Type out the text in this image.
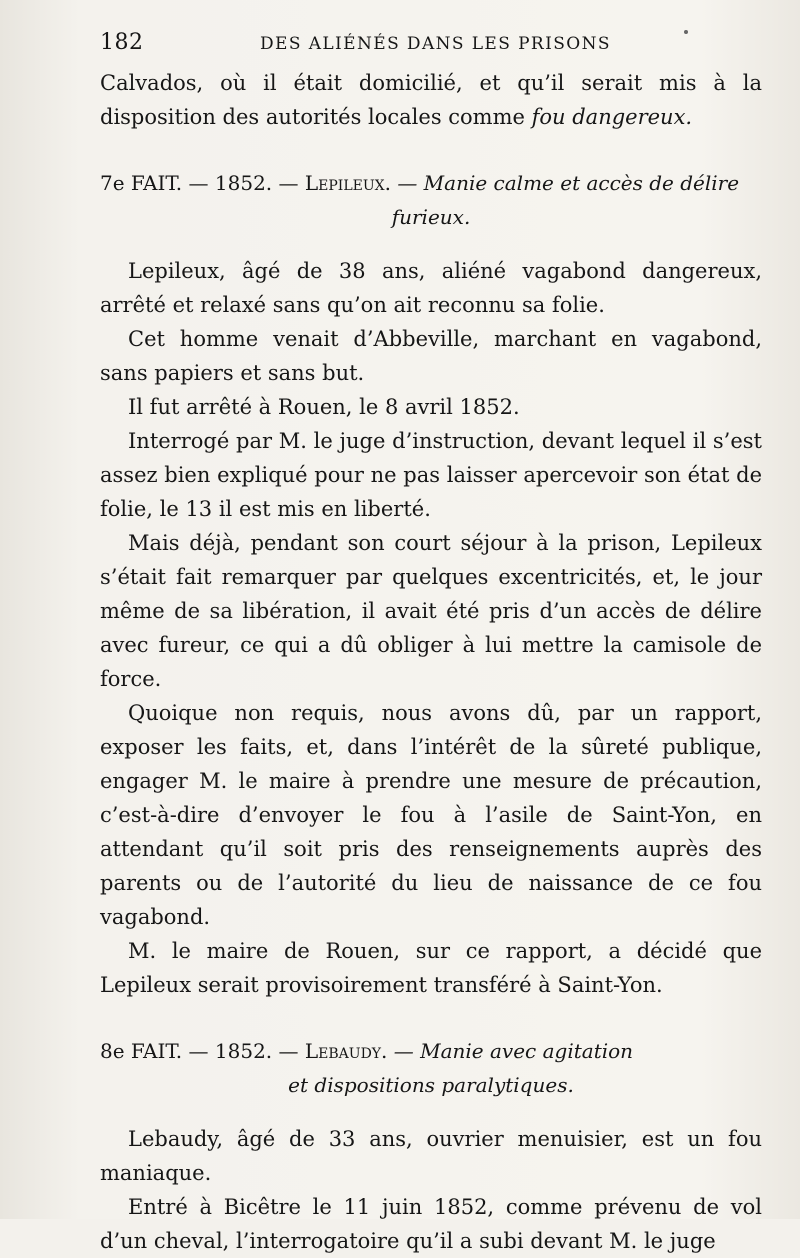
182	DES ALIÉNÉS DANS LES PRISONS

Calvados, où il était domicilié, et qu’il serait mis à la disposition des autorités locales comme fou dangereux.

7e FAIT. — 1852. — Lepileux. — Manie calme et accès de délire
furieux.

Lepileux, âgé de 38 ans, aliéné vagabond dangereux, arrêté et relaxé sans qu’on ait reconnu sa folie.

Cet homme venait d’Abbeville, marchant en vagabond, sans papiers et sans but.

Il fut arrêté à Rouen, le 8 avril 1852.

Interrogé par M. le juge d’instruction, devant lequel il s’est assez bien expliqué pour ne pas laisser apercevoir son état de folie, le 13 il est mis en liberté.

Mais déjà, pendant son court séjour à la prison, Lepileux s’était fait remarquer par quelques excentricités, et, le jour même de sa libération, il avait été pris d’un accès de délire avec fureur, ce qui a dû obliger à lui mettre la camisole de force.

Quoique non requis, nous avons dû, par un rapport, exposer les faits, et, dans l’intérêt de la sûreté publique, engager M. le maire à prendre une mesure de précaution, c’est-à-dire d’envoyer le fou à l’asile de Saint-Yon, en attendant qu’il soit pris des renseignements auprès des parents ou de l’autorité du lieu de naissance de ce fou vagabond.

M. le maire de Rouen, sur ce rapport, a décidé que Lepileux serait provisoirement transféré à Saint-Yon.

8e FAIT. — 1852. — Lebaudy. — Manie avec agitation
et dispositions paralytiques.

Lebaudy, âgé de 33 ans, ouvrier menuisier, est un fou maniaque.

Entré à Bicêtre le 11 juin 1852, comme prévenu de vol d’un cheval, l’interrogatoire qu’il a subi devant M. le juge
